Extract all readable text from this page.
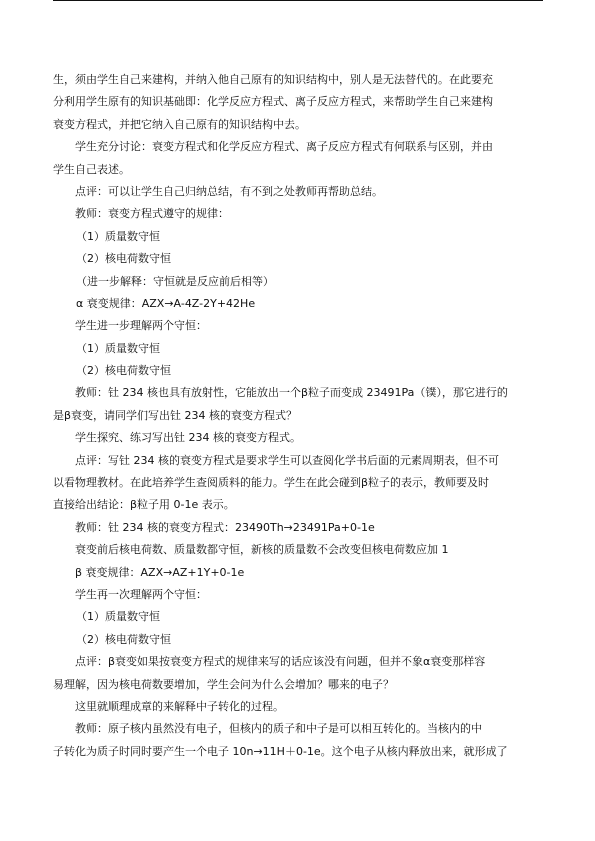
生，须由学生自己来建构，并纳入他自己原有的知识结构中，别人是无法替代的。在此要充
分利用学生原有的知识基础即：化学反应方程式、离子反应方程式，来帮助学生自己来建构
衰变方程式，并把它纳入自己原有的知识结构中去。
学生充分讨论：衰变方程式和化学反应方程式、离子反应方程式有何联系与区别，并由
学生自己表述。
点评：可以让学生自己归纳总结，有不到之处教师再帮助总结。
教师：衰变方程式遵守的规律：
（1）质量数守恒
（2）核电荷数守恒
（进一步解释：守恒就是反应前后相等）
α 衰变规律：AZX→A-4Z-2Y+42He
学生进一步理解两个守恒：
（1）质量数守恒
（2）核电荷数守恒
教师：钍 234 核也具有放射性，它能放出一个β粒子而变成 23491Pa（镤），那它进行的
是β衰变，请同学们写出钍 234 核的衰变方程式？
学生探究、练习写出钍 234 核的衰变方程式。
点评：写钍 234 核的衰变方程式是要求学生可以查阅化学书后面的元素周期表，但不可
以看物理教材。在此培养学生查阅质料的能力。学生在此会碰到β粒子的表示，教师要及时
直接给出结论：β粒子用 0-1e 表示。
教师：钍 234 核的衰变方程式：23490Th→23491Pa+0-1e
衰变前后核电荷数、质量数都守恒，新核的质量数不会改变但核电荷数应加 1
β 衰变规律：AZX→AZ+1Y+0-1e
学生再一次理解两个守恒：
（1）质量数守恒
（2）核电荷数守恒
点评：β衰变如果按衰变方程式的规律来写的话应该没有问题，但并不象α衰变那样容
易理解，因为核电荷数要增加，学生会问为什么会增加？哪来的电子？
这里就顺理成章的来解释中子转化的过程。
教师：原子核内虽然没有电子，但核内的质子和中子是可以相互转化的。当核内的中
子转化为质子时同时要产生一个电子 10n→11H＋0-1e。这个电子从核内释放出来，就形成了
